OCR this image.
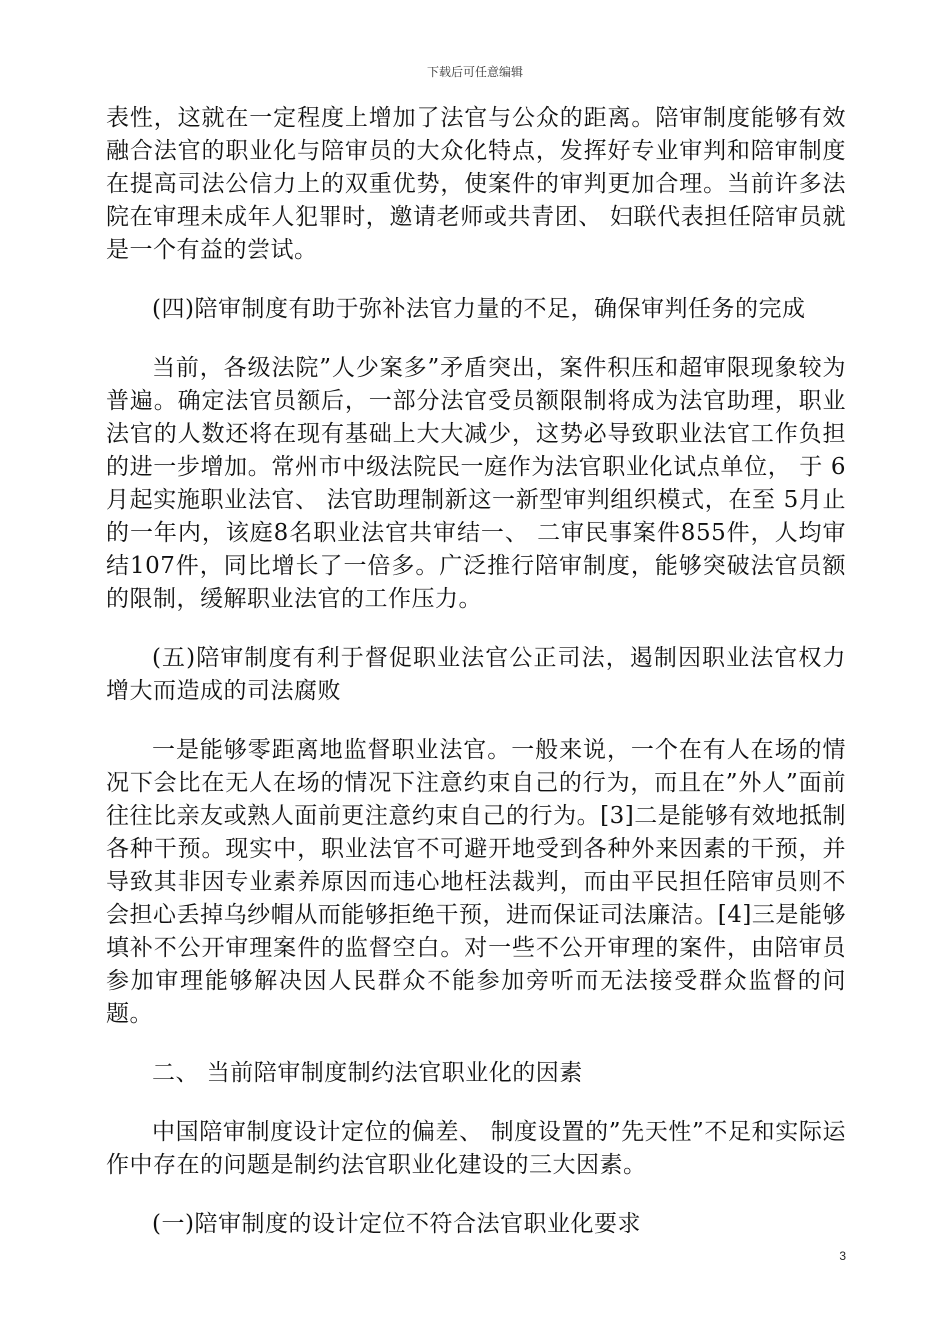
下载后可任意编辑

表性，这就在一定程度上增加了法官与公众的距离。陪审制度能够有效融合法官的职业化与陪审员的大众化特点，发挥好专业审判和陪审制度在提高司法公信力上的双重优势，使案件的审判更加合理。当前许多法院在审理未成年人犯罪时，邀请老师或共青团、 妇联代表担任陪审员就是一个有益的尝试。

(四)陪审制度有助于弥补法官力量的不足，确保审判任务的完成

当前，各级法院”人少案多”矛盾突出，案件积压和超审限现象较为普遍。确定法官员额后，一部分法官受员额限制将成为法官助理，职业法官的人数还将在现有基础上大大减少，这势必导致职业法官工作负担的进一步增加。常州市中级法院民一庭作为法官职业化试点单位， 于 6月起实施职业法官、 法官助理制新这一新型审判组织模式，在至 5月止的一年内，该庭8名职业法官共审结一、 二审民事案件855件，人均审结107件，同比增长了一倍多。广泛推行陪审制度，能够突破法官员额的限制，缓解职业法官的工作压力。

(五)陪审制度有利于督促职业法官公正司法，遏制因职业法官权力增大而造成的司法腐败

一是能够零距离地监督职业法官。一般来说，一个在有人在场的情况下会比在无人在场的情况下注意约束自己的行为，而且在”外人”面前往往比亲友或熟人面前更注意约束自己的行为。[3]二是能够有效地抵制各种干预。现实中，职业法官不可避开地受到各种外来因素的干预，并导致其非因专业素养原因而违心地枉法裁判，而由平民担任陪审员则不会担心丢掉乌纱帽从而能够拒绝干预，进而保证司法廉洁。[4]三是能够填补不公开审理案件的监督空白。对一些不公开审理的案件，由陪审员参加审理能够解决因人民群众不能参加旁听而无法接受群众监督的问题。

二、 当前陪审制度制约法官职业化的因素

中国陪审制度设计定位的偏差、 制度设置的”先天性”不足和实际运作中存在的问题是制约法官职业化建设的三大因素。

(一)陪审制度的设计定位不符合法官职业化要求

3
